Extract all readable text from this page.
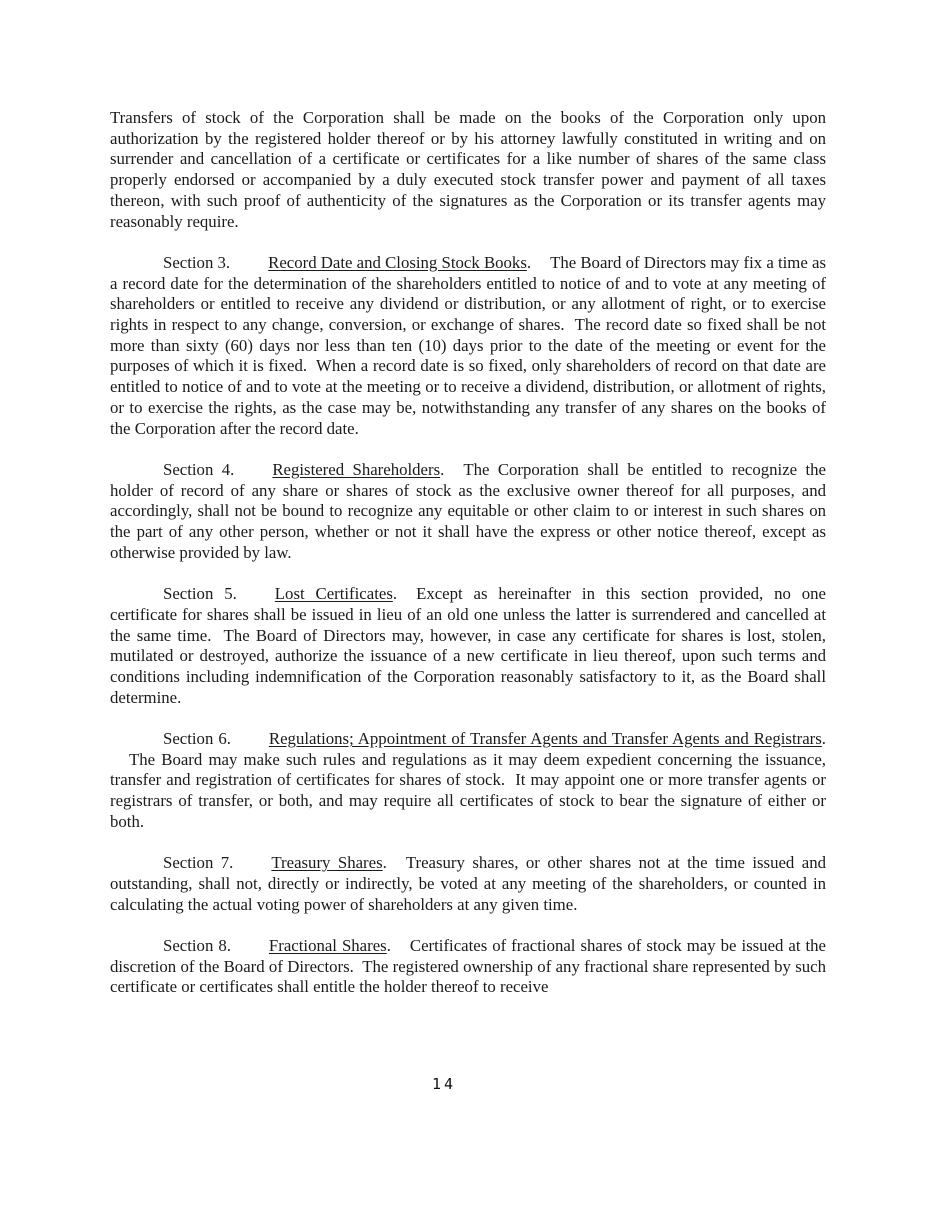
Transfers of stock of the Corporation shall be made on the books of the Corporation only upon authorization by the registered holder thereof or by his attorney lawfully constituted in writing and on surrender and cancellation of a certificate or certificates for a like number of shares of the same class properly endorsed or accompanied by a duly executed stock transfer power and payment of all taxes thereon, with such proof of authenticity of the signatures as the Corporation or its transfer agents may reasonably require.

Section 3. Record Date and Closing Stock Books. The Board of Directors may fix a time as a record date for the determination of the shareholders entitled to notice of and to vote at any meeting of shareholders or entitled to receive any dividend or distribution, or any allotment of right, or to exercise rights in respect to any change, conversion, or exchange of shares.  The record date so fixed shall be not more than sixty (60) days nor less than ten (10) days prior to the date of the meeting or event for the purposes of which it is fixed.  When a record date is so fixed, only shareholders of record on that date are entitled to notice of and to vote at the meeting or to receive a dividend, distribution, or allotment of rights, or to exercise the rights, as the case may be, notwithstanding any transfer of any shares on the books of the Corporation after the record date.

Section 4. Registered Shareholders. The Corporation shall be entitled to recognize the holder of record of any share or shares of stock as the exclusive owner thereof for all purposes, and accordingly, shall not be bound to recognize any equitable or other claim to or interest in such shares on the part of any other person, whether or not it shall have the express or other notice thereof, except as otherwise provided by law.

Section 5. Lost Certificates. Except as hereinafter in this section provided, no one certificate for shares shall be issued in lieu of an old one unless the latter is surrendered and cancelled at the same time.  The Board of Directors may, however, in case any certificate for shares is lost, stolen, mutilated or destroyed, authorize the issuance of a new certificate in lieu thereof, upon such terms and conditions including indemnification of the Corporation reasonably satisfactory to it, as the Board shall determine.

Section 6. Regulations; Appointment of Transfer Agents and Transfer Agents and Registrars.The Board may make such rules and regulations as it may deem expedient concerning the issuance, transfer and registration of certificates for shares of stock.  It may appoint one or more transfer agents or registrars of transfer, or both, and may require all certificates of stock to bear the signature of either or both.

Section 7. Treasury Shares. Treasury shares, or other shares not at the time issued and outstanding, shall not, directly or indirectly, be voted at any meeting of the shareholders, or counted in calculating the actual voting power of shareholders at any given time.

Section 8. Fractional Shares. Certificates of fractional shares of stock may be issued at the discretion of the Board of Directors.  The registered ownership of any fractional share represented by such certificate or certificates shall entitle the holder thereof to receive

14
